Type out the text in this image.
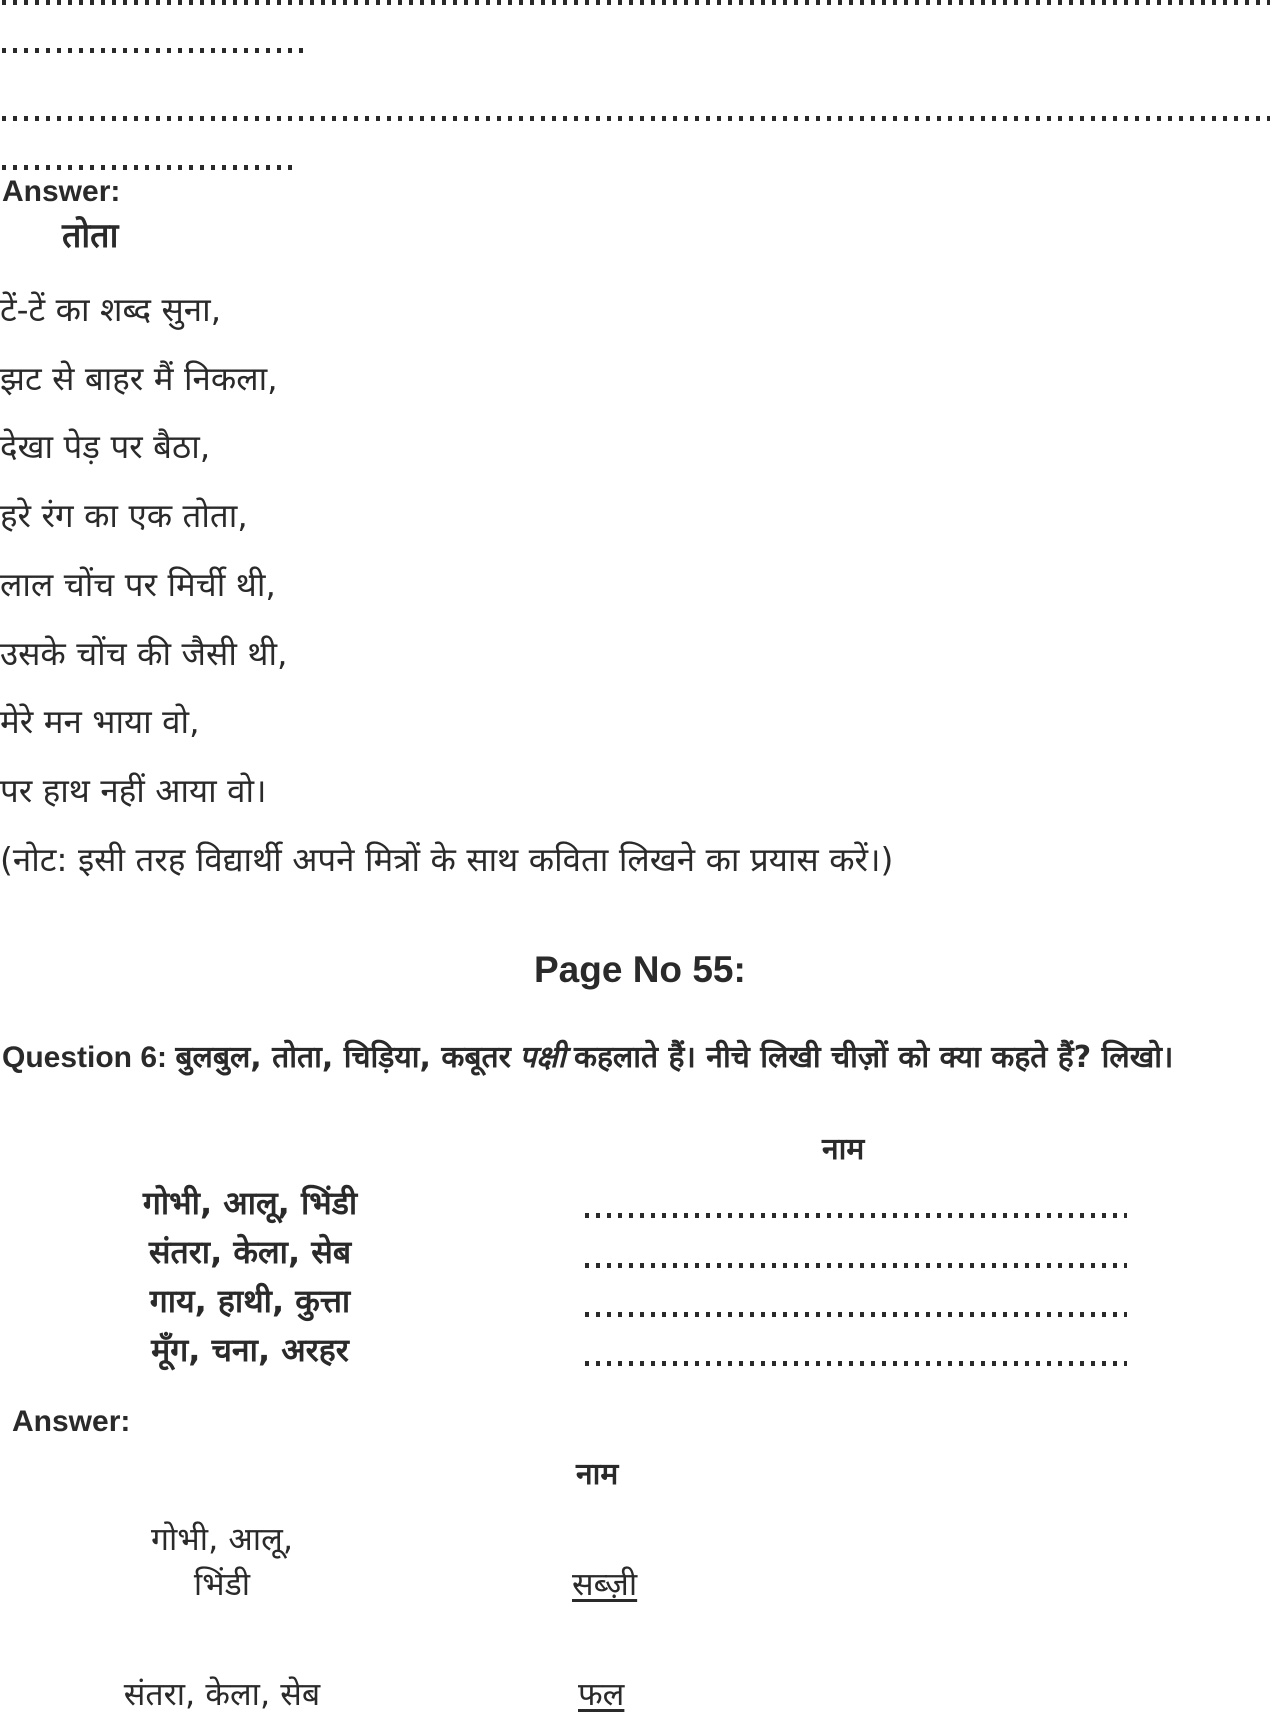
Answer:
तोता
टें-टें का शब्द सुना,
झट से बाहर मैं निकला,
देखा पेड़ पर बैठा,
हरे रंग का एक तोता,
लाल चोंच पर मिर्ची थी,
उसके चोंच की जैसी थी,
मेरे मन भाया वो,
पर हाथ नहीं आया वो।
(नोट: इसी तरह विद्यार्थी अपने मित्रों के साथ कविता लिखने का प्रयास करें।)
Page No 55:
Question 6: बुलबुल, तोता, चिड़िया, कबूतर पक्षी कहलाते हैं। नीचे लिखी चीज़ों को क्या कहते हैं? लिखो।
नाम
गोभी, आलू, भिंडी
संतरा, केला, सेब
गाय, हाथी, कुत्ता
मूँग, चना, अरहर
Answer:
नाम
गोभी, आलू,
भिंडी	सब्ज़ी
संतरा, केला, सेब	फल
